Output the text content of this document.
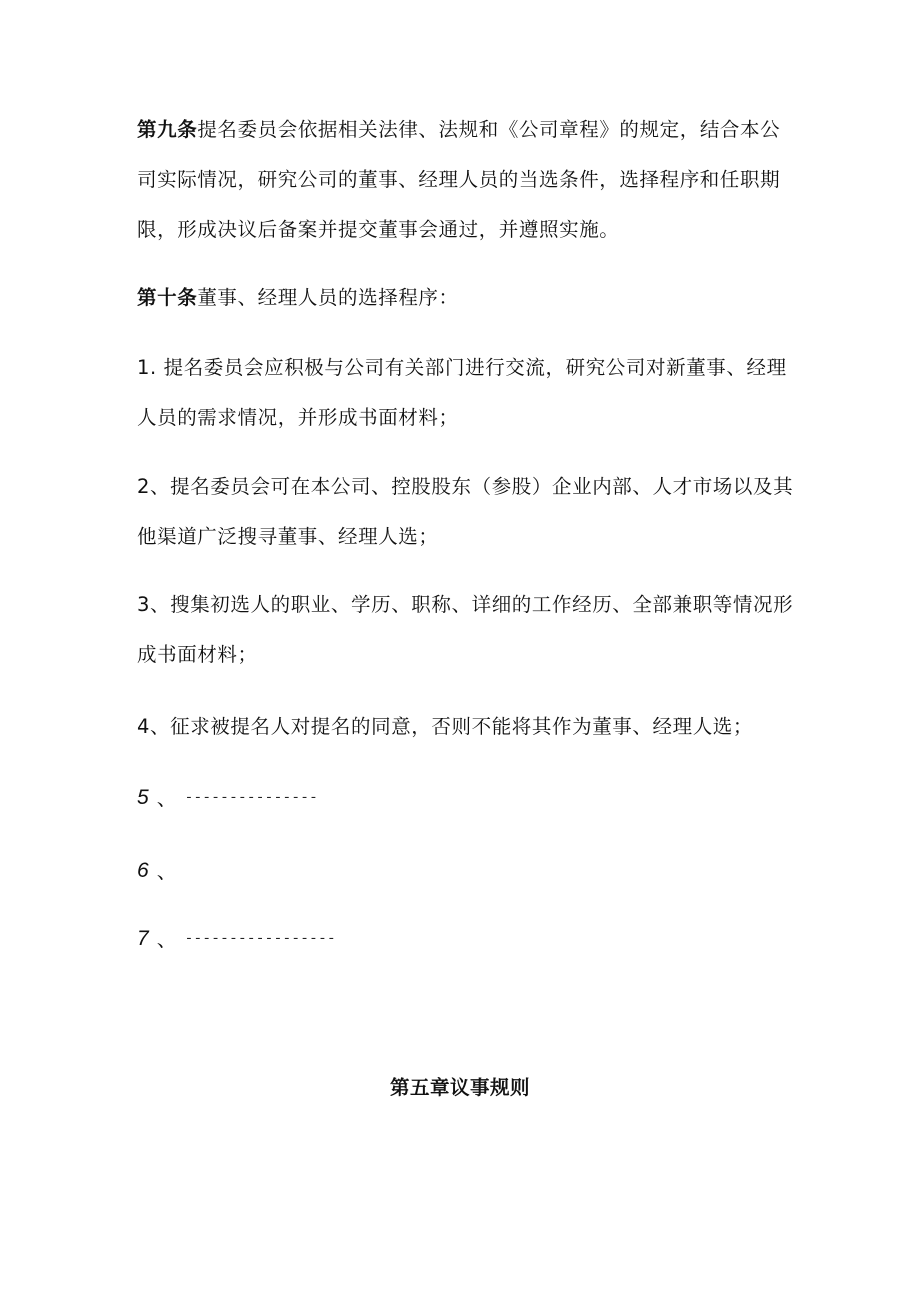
第九条提名委员会依据相关法律、法规和《公司章程》的规定，结合本公司实际情况，研究公司的董事、经理人员的当选条件，选择程序和任职期限，形成决议后备案并提交董事会通过，并遵照实施。

第十条董事、经理人员的选择程序：

1. 提名委员会应积极与公司有关部门进行交流，研究公司对新董事、经理人员的需求情况，并形成书面材料；

2、提名委员会可在本公司、控股股东（参股）企业内部、人才市场以及其他渠道广泛搜寻董事、经理人选；

3、搜集初选人的职业、学历、职称、详细的工作经历、全部兼职等情况形成书面材料；

4、征求被提名人对提名的同意，否则不能将其作为董事、经理人选；

5 、 ---------------
6 、
7 、 -----------------
第五章议事规则
